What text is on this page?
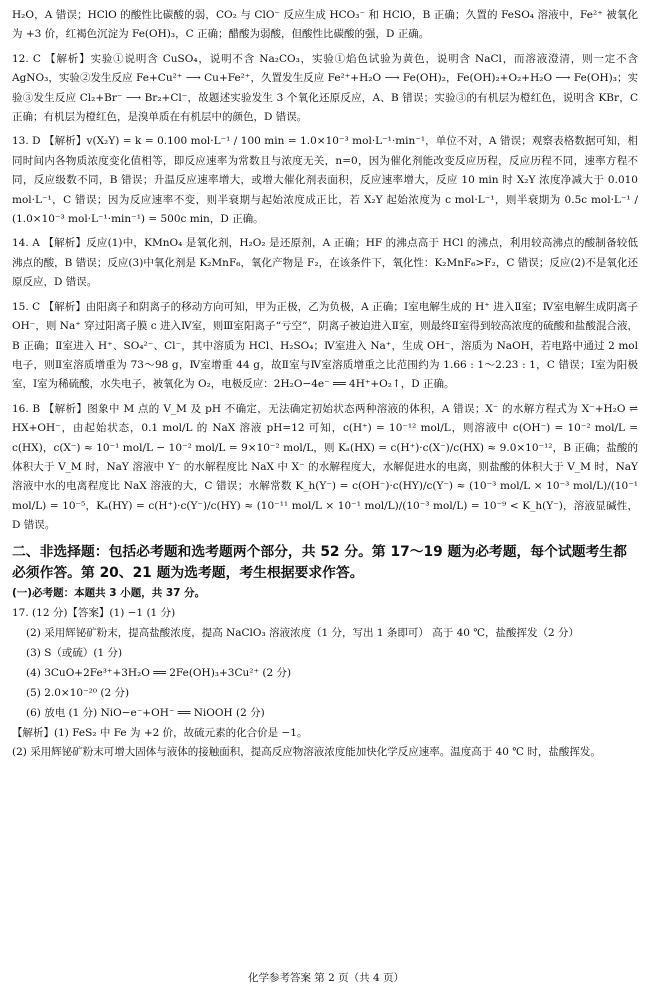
H₂O，A 错误；HClO 的酸性比碳酸的弱，CO₂ 与 ClO⁻ 反应生成 HCO₃⁻ 和 HClO，B 正确；久置的 FeSO₄ 溶液中，Fe²⁺ 被氧化为 +3 价，红褐色沉淀为 Fe(OH)₃，C 正确；醋酸为弱酸，但酸性比碳酸的强，D 正确。

12. C 【解析】实验①说明含 CuSO₄，说明不含 Na₂CO₃，实验①焰色试验为黄色，说明含 NaCl，而溶液澄清，则一定不含 AgNO₃，实验②发生反应 Fe+Cu²⁺ ⟶ Cu+Fe²⁺，久置发生反应 Fe²⁺+H₂O ⟶ Fe(OH)₂，Fe(OH)₂+O₂+H₂O ⟶ Fe(OH)₃；实验③发生反应 Cl₂+Br⁻ ⟶ Br₂+Cl⁻，故题述实验发生 3 个氧化还原反应，A、B 错误；实验③的有机层为橙红色，说明含 KBr，C 正确；有机层为橙红色，是溴单质在有机层中的颜色，D 错误。

13. D 【解析】v(X₂Y) = k = 0.100 mol·L⁻¹ / 100 min = 1.0×10⁻³ mol·L⁻¹·min⁻¹，单位不对，A 错误；观察表格数据可知，相同时间内各物质浓度变化值相等，即反应速率为常数且与浓度无关，n=0，因为催化剂能改变反应历程，反应历程不同，速率方程不同，反应级数不同，B 错误；升温反应速率增大，或增大催化剂表面积，反应速率增大，反应 10 min 时 X₂Y 浓度净减大于 0.010 mol·L⁻¹，C 错误；因为反应速率不变，则半衰期与起始浓度成正比，若 X₂Y 起始浓度为 c mol·L⁻¹，则半衰期为 0.5c mol·L⁻¹ / (1.0×10⁻³ mol·L⁻¹·min⁻¹) = 500c min，D 正确。

14. A 【解析】反应(1)中，KMnO₄ 是氧化剂，H₂O₂ 是还原剂，A 正确；HF 的沸点高于 HCl 的沸点，利用较高沸点的酸制备较低沸点的酸，B 错误；反应(3)中氧化剂是 K₂MnF₆，氧化产物是 F₂，在该条件下，氧化性：K₂MnF₆>F₂，C 错误；反应(2)不是氧化还原反应，D 错误。

15. C 【解析】由阳离子和阴离子的移动方向可知，甲为正极，乙为负极，A 正确；Ⅰ室电解生成的 H⁺ 进入Ⅱ室；Ⅳ室电解生成阴离子 OH⁻，则 Na⁺ 穿过阳离子膜 c 进入Ⅳ室，则Ⅲ室阳离子“亏空”，阴离子被迫进入Ⅱ室，则最终Ⅱ室得到较高浓度的硫酸和盐酸混合液，B 正确；Ⅱ室进入 H⁺、SO₄²⁻、Cl⁻，其中溶质为 HCl、H₂SO₄；Ⅳ室进入 Na⁺，生成 OH⁻，溶质为 NaOH，若电路中通过 2 mol 电子，则Ⅱ室溶质增重为 73～98 g，Ⅳ室增重 44 g，故Ⅱ室与Ⅳ室溶质增重之比范围约为 1.66 : 1～2.23 : 1，C 错误；Ⅰ室为阳极室，Ⅰ室为稀硫酸，水失电子，被氧化为 O₂，电极反应：2H₂O−4e⁻ ══ 4H⁺+O₂↑，D 正确。

16. B 【解析】图象中 M 点的 V_M 及 pH 不确定，无法确定初始状态两种溶液的体积，A 错误；X⁻ 的水解方程式为 X⁻+H₂O ⇌ HX+OH⁻，由起始状态，0.1 mol/L 的 NaX 溶液 pH=12 可知，c(H⁺) = 10⁻¹² mol/L，则溶液中 c(OH⁻) = 10⁻² mol/L = c(HX)，c(X⁻) ≈ 10⁻¹ mol/L − 10⁻² mol/L = 9×10⁻² mol/L，则 Kₐ(HX) = c(H⁺)·c(X⁻)/c(HX) ≈ 9.0×10⁻¹²，B 正确；盐酸的体积大于 V_M 时，NaY 溶液中 Y⁻ 的水解程度比 NaX 中 X⁻ 的水解程度大，水解促进水的电离，则盐酸的体积大于 V_M 时，NaY 溶液中水的电离程度比 NaX 溶液的大，C 错误；水解常数 K_h(Y⁻) = c(OH⁻)·c(HY)/c(Y⁻) ≈ (10⁻³ mol/L × 10⁻³ mol/L)/(10⁻¹ mol/L) = 10⁻⁵，Kₐ(HY) = c(H⁺)·c(Y⁻)/c(HY) ≈ (10⁻¹¹ mol/L × 10⁻¹ mol/L)/(10⁻³ mol/L) = 10⁻⁹ < K_h(Y⁻)，溶液显碱性，D 错误。

二、非选择题：包括必考题和选考题两个部分，共 52 分。第 17～19 题为必考题，每个试题考生都必须作答。第 20、21 题为选考题，考生根据要求作答。
(一)必考题：本题共 3 小题，共 37 分。
17. (12 分)【答案】(1) −1 (1 分)
(2) 采用辉铋矿粉末，提高盐酸浓度，提高 NaClO₃ 溶液浓度（1 分，写出 1 条即可） 高于 40 ℃，盐酸挥发（2 分）
(3) S（或硫）(1 分)
(4) 3CuO+2Fe³⁺+3H₂O ══ 2Fe(OH)₃+3Cu²⁺ (2 分)
(5) 2.0×10⁻²⁰ (2 分)
(6) 放电 (1 分) NiO−e⁻+OH⁻ ══ NiOOH (2 分)
【解析】(1) FeS₂ 中 Fe 为 +2 价，故硫元素的化合价是 −1。

(2) 采用辉铋矿粉末可增大固体与液体的接触面积，提高反应物溶液浓度能加快化学反应速率。温度高于 40 ℃ 时，盐酸挥发。

化学参考答案 第 2 页（共 4 页）
